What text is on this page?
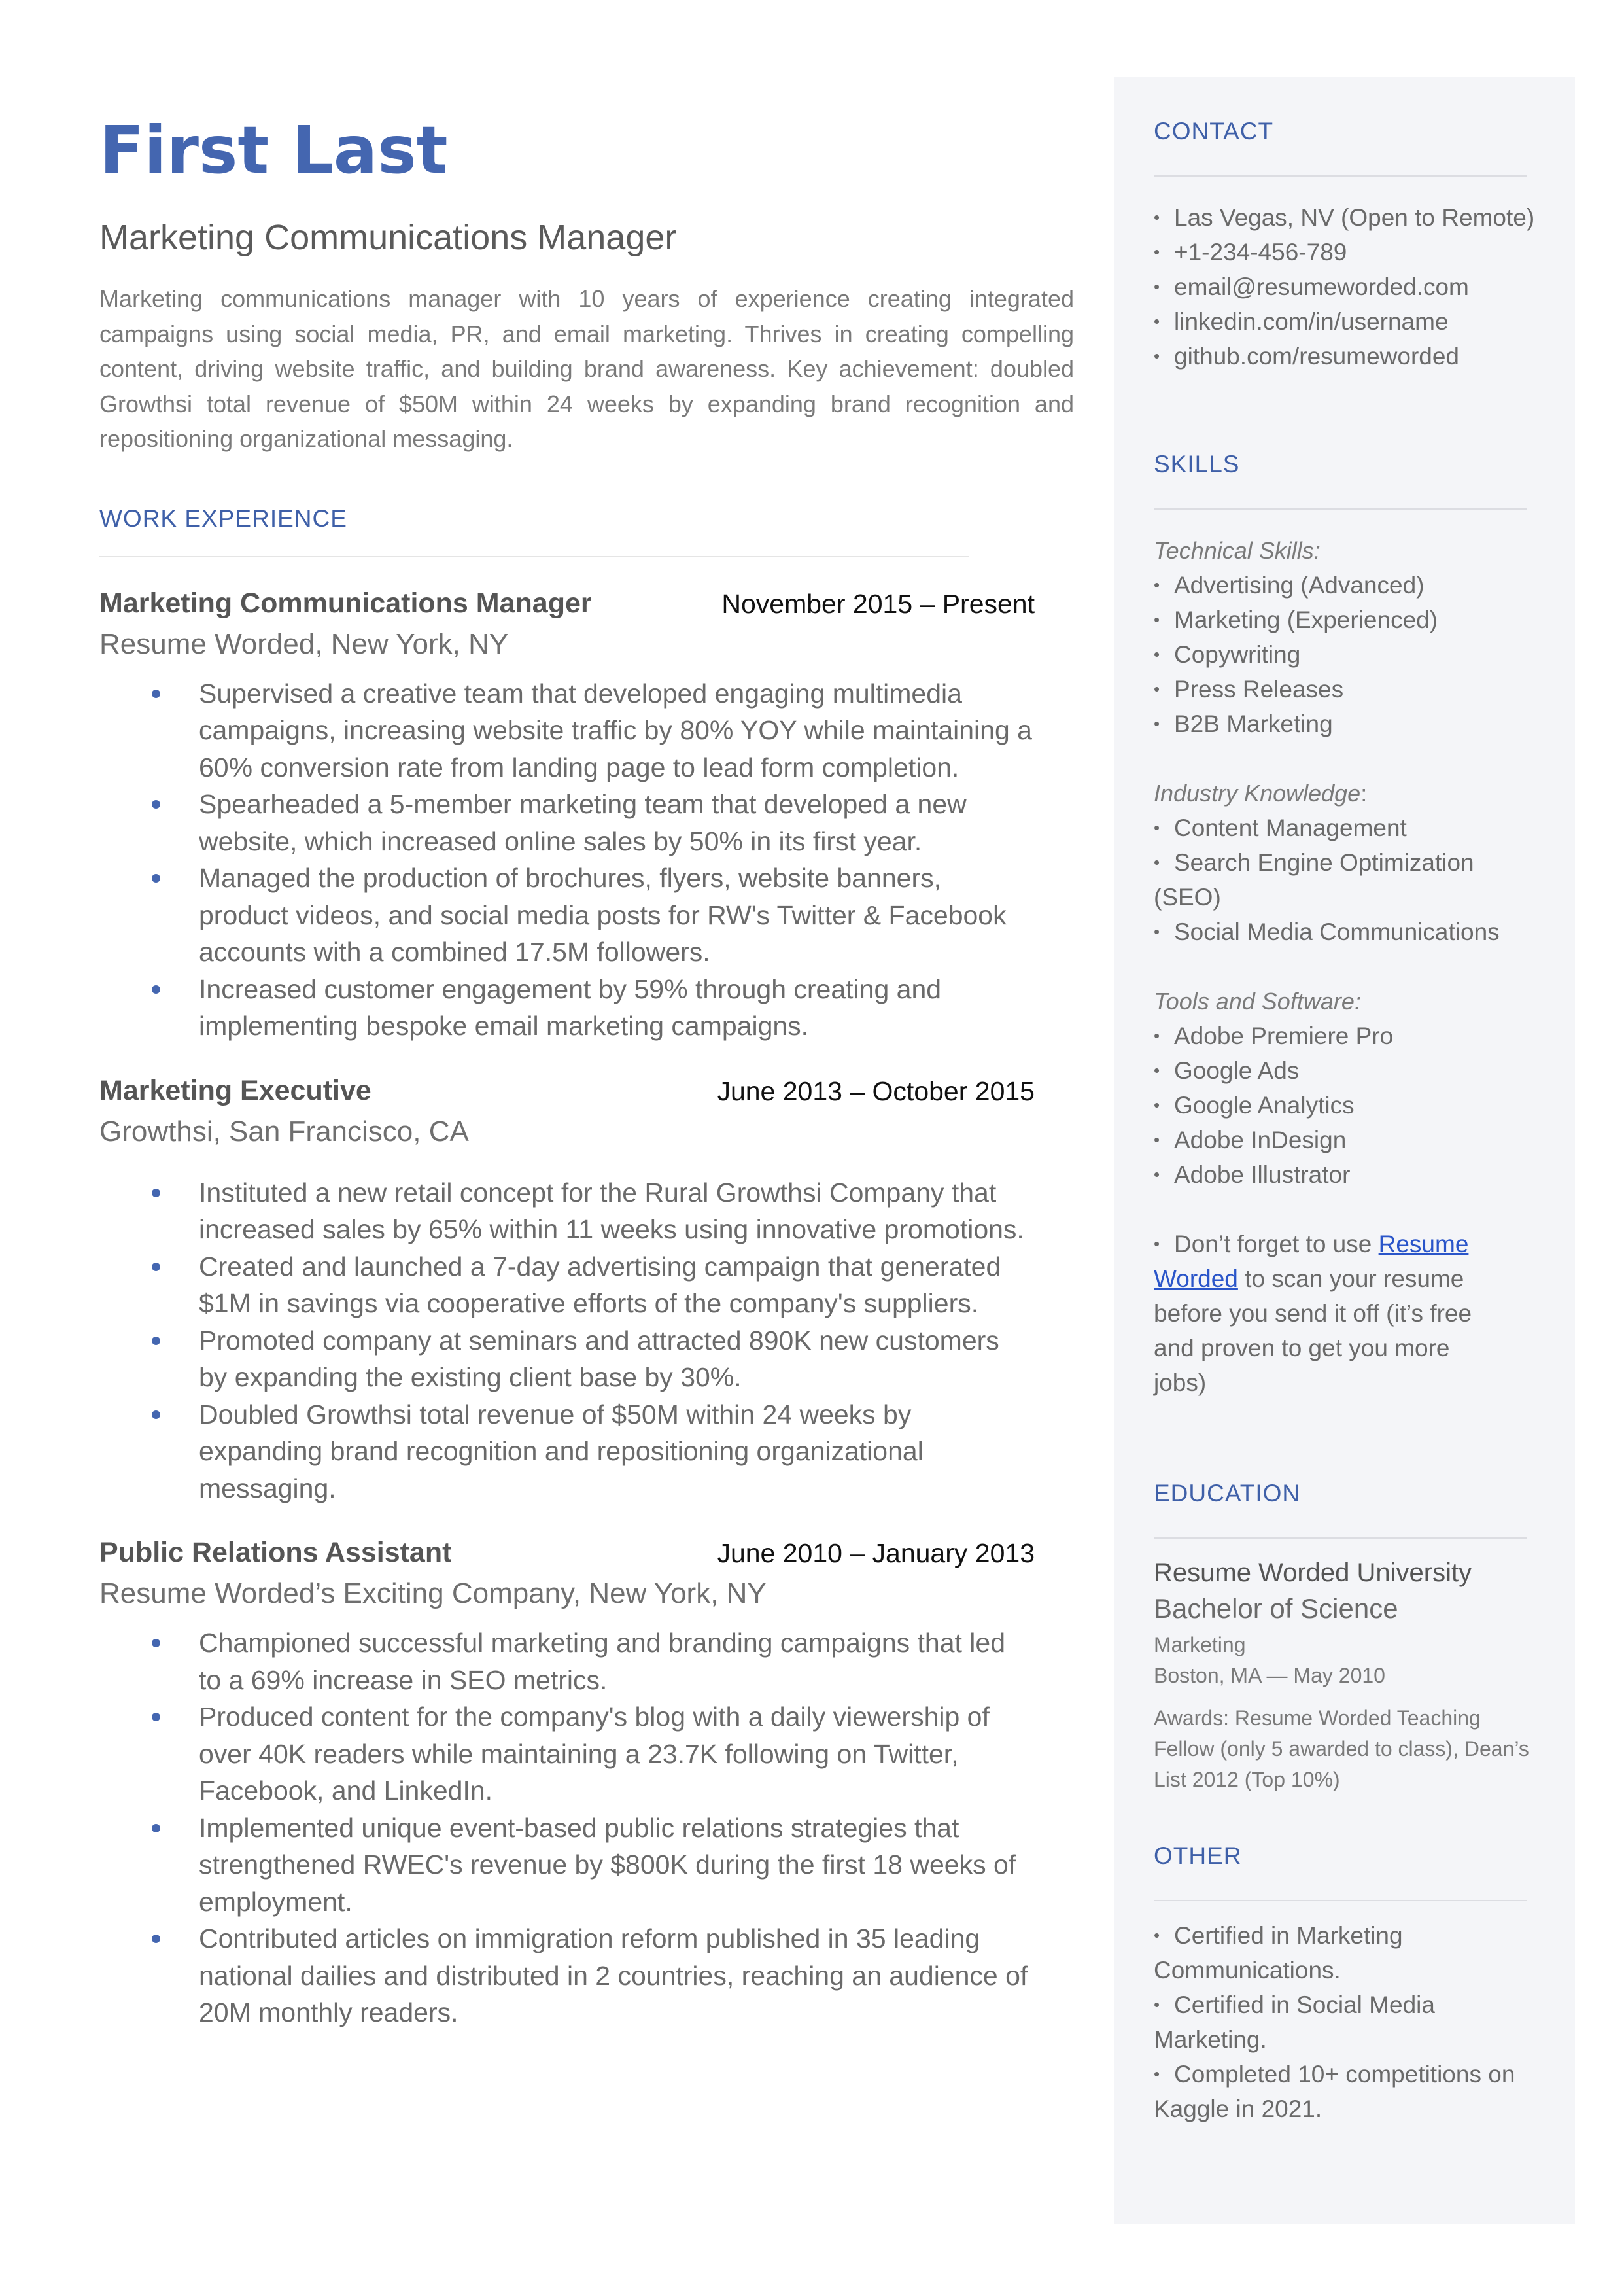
First Last
Marketing Communications Manager
Marketing communications manager with 10 years of experience creating integrated campaigns using social media, PR, and email marketing. Thrives in creating compelling content, driving website traffic, and building brand awareness. Key achievement: doubled Growthsi total revenue of $50M within 24 weeks by expanding brand recognition and repositioning organizational messaging.
WORK EXPERIENCE
Marketing Communications Manager	November 2015 – Present
Resume Worded, New York, NY
Supervised a creative team that developed engaging multimedia campaigns, increasing website traffic by 80% YOY while maintaining a 60% conversion rate from landing page to lead form completion.
Spearheaded a 5-member marketing team that developed a new website, which increased online sales by 50% in its first year.
Managed the production of brochures, flyers, website banners, product videos, and social media posts for RW's Twitter & Facebook accounts with a combined 17.5M followers.
Increased customer engagement by 59% through creating and implementing bespoke email marketing campaigns.
Marketing Executive	June 2013 – October 2015
Growthsi, San Francisco, CA
Instituted a new retail concept for the Rural Growthsi Company that increased sales by 65% within 11 weeks using innovative promotions.
Created and launched a 7-day advertising campaign that generated $1M in savings via cooperative efforts of the company's suppliers.
Promoted company at seminars and attracted 890K new customers by expanding the existing client base by 30%.
Doubled Growthsi total revenue of $50M within 24 weeks by expanding brand recognition and repositioning organizational messaging.
Public Relations Assistant	June 2010 – January 2013
Resume Worded’s Exciting Company, New York, NY
Championed successful marketing and branding campaigns that led to a 69% increase in SEO metrics.
Produced content for the company's blog with a daily viewership of over 40K readers while maintaining a 23.7K following on Twitter, Facebook, and LinkedIn.
Implemented unique event-based public relations strategies that strengthened RWEC's revenue by $800K during the first 18 weeks of employment.
Contributed articles on immigration reform published in 35 leading national dailies and distributed in 2 countries, reaching an audience of 20M monthly readers.
CONTACT
• Las Vegas, NV (Open to Remote)
• +1-234-456-789
• email@resumeworded.com
• linkedin.com/in/username
• github.com/resumeworded
SKILLS
Technical Skills:
• Advertising (Advanced)
• Marketing (Experienced)
• Copywriting
• Press Releases
• B2B Marketing
Industry Knowledge:
• Content Management
• Search Engine Optimization (SEO)
• Social Media Communications
Tools and Software:
• Adobe Premiere Pro
• Google Ads
• Google Analytics
• Adobe InDesign
• Adobe Illustrator
• Don’t forget to use Resume Worded to scan your resume before you send it off (it’s free and proven to get you more jobs)
EDUCATION
Resume Worded University
Bachelor of Science
Marketing
Boston, MA — May 2010
Awards: Resume Worded Teaching Fellow (only 5 awarded to class), Dean’s List 2012 (Top 10%)
OTHER
• Certified in Marketing Communications.
• Certified in Social Media Marketing.
• Completed 10+ competitions on Kaggle in 2021.
